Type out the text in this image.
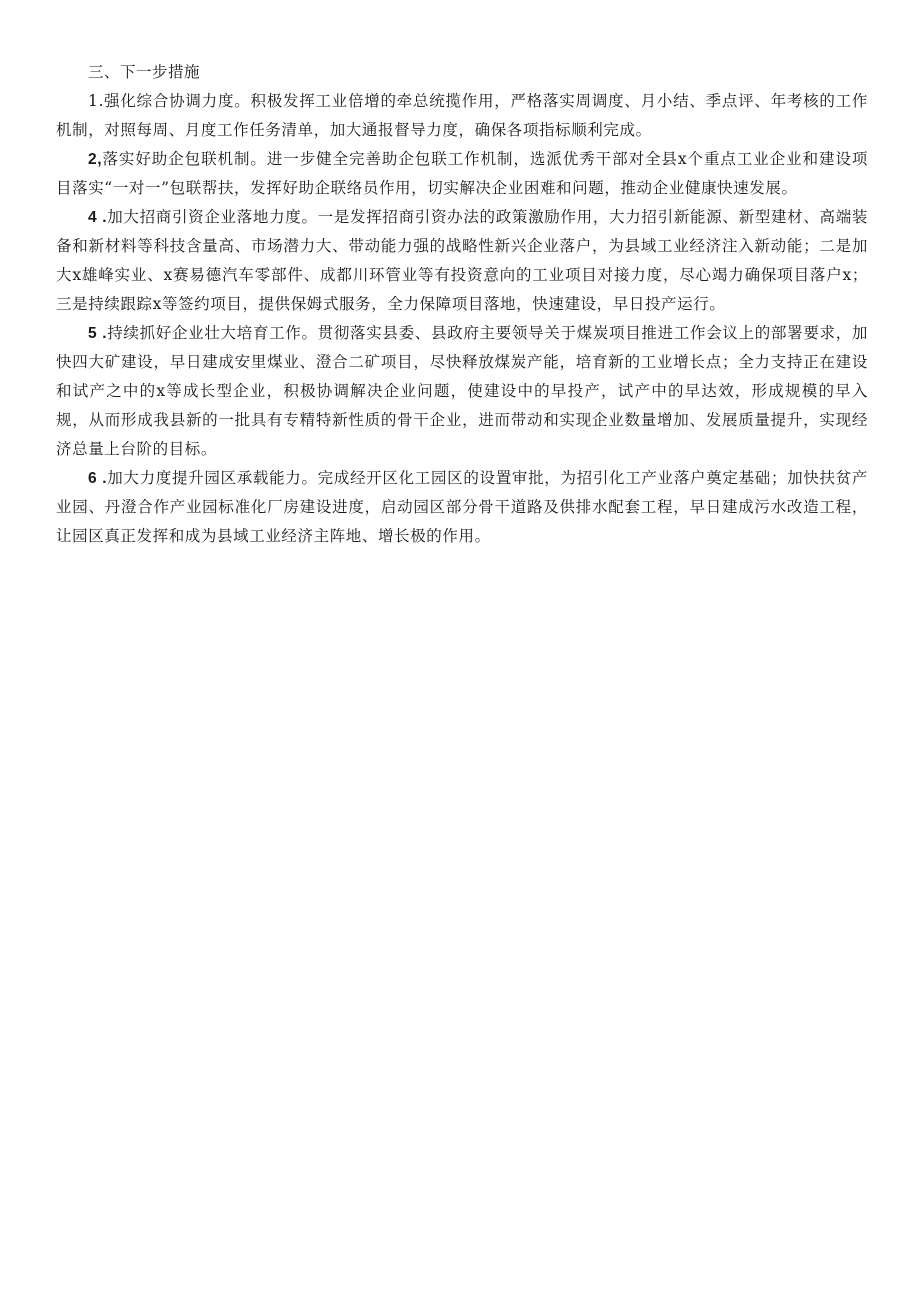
三、下一步措施

1.强化综合协调力度。积极发挥工业倍增的牵总统揽作用，严格落实周调度、月小结、季点评、年考核的工作机制，对照每周、月度工作任务清单，加大通报督导力度，确保各项指标顺利完成。

2,落实好助企包联机制。进一步健全完善助企包联工作机制，选派优秀干部对全县x个重点工业企业和建设项目落实“一对一”包联帮扶，发挥好助企联络员作用，切实解决企业困难和问题，推动企业健康快速发展。

4 .加大招商引资企业落地力度。一是发挥招商引资办法的政策激励作用，大力招引新能源、新型建材、高端装备和新材料等科技含量高、市场潜力大、带动能力强的战略性新兴企业落户，为县域工业经济注入新动能；二是加大x雄峰实业、x赛易德汽车零部件、成都川环管业等有投资意向的工业项目对接力度，尽心竭力确保项目落户x；三是持续跟踪x等签约项目，提供保姆式服务，全力保障项目落地，快速建设，早日投产运行。

5 .持续抓好企业壮大培育工作。贯彻落实县委、县政府主要领导关于煤炭项目推进工作会议上的部署要求，加快四大矿建设，早日建成安里煤业、澄合二矿项目，尽快释放煤炭产能，培育新的工业增长点；全力支持正在建设和试产之中的x等成长型企业，积极协调解决企业问题，使建设中的早投产，试产中的早达效，形成规模的早入规，从而形成我县新的一批具有专精特新性质的骨干企业，进而带动和实现企业数量增加、发展质量提升，实现经济总量上台阶的目标。

6 .加大力度提升园区承载能力。完成经开区化工园区的设置审批，为招引化工产业落户奠定基础；加快扶贫产业园、丹澄合作产业园标准化厂房建设进度，启动园区部分骨干道路及供排水配套工程，早日建成污水改造工程，让园区真正发挥和成为县域工业经济主阵地、增长极的作用。
